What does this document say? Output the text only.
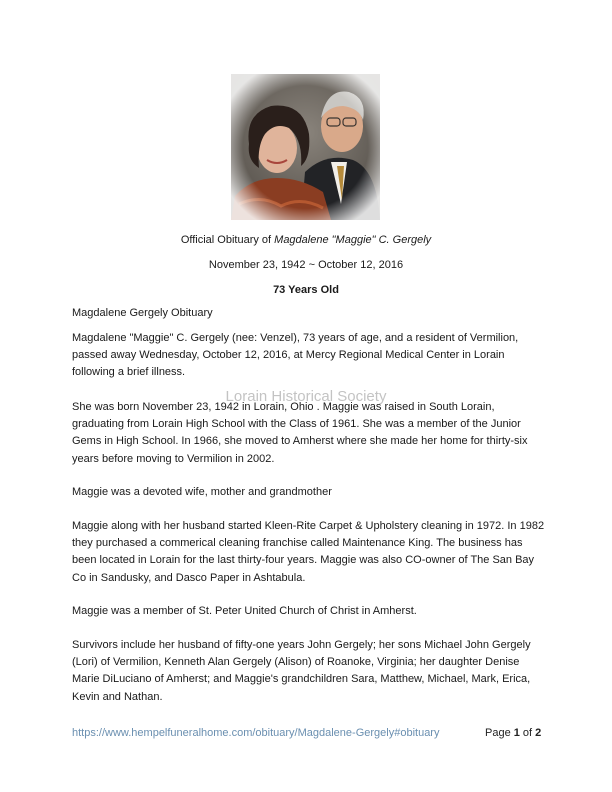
Official Obituary of Magdalene "Maggie" C. Gergely
November 23, 1942 ~ October 12, 2016
73 Years Old

Magdalene Gergely Obituary

Magdalene "Maggie" C. Gergely (nee: Venzel), 73 years of age, and a resident of Vermilion, passed away Wednesday, October 12, 2016, at Mercy Regional Medical Center in Lorain following a brief illness.

She was born November 23, 1942 in Lorain, Ohio . Maggie was raised in South Lorain, graduating from Lorain High School with the Class of 1961. She was a member of the Junior Gems in High School. In 1966, she moved to Amherst where she made her home for thirty-six years before moving to Vermilion in 2002.

Maggie was a devoted wife, mother and grandmother

Maggie along with her husband started Kleen-Rite Carpet & Upholstery cleaning in 1972. In 1982 they purchased a commerical cleaning franchise called Maintenance King. The business has been located in Lorain for the last thirty-four years. Maggie was also CO-owner of The San Bay Co in Sandusky, and Dasco Paper in Ashtabula.

Maggie was a member of St. Peter United Church of Christ in Amherst.

Survivors include her husband of fifty-one years John Gergely; her sons Michael John Gergely (Lori) of Vermilion, Kenneth Alan Gergely (Alison) of Roanoke, Virginia; her daughter Denise Marie DiLuciano of Amherst; and Maggie's grandchildren Sara, Matthew, Michael, Mark, Erica, Kevin and Nathan.

Lorain Historical Society
https://www.hempelfuneralhome.com/obituary/Magdalene-Gergely#obituary	Page 1 of 2
